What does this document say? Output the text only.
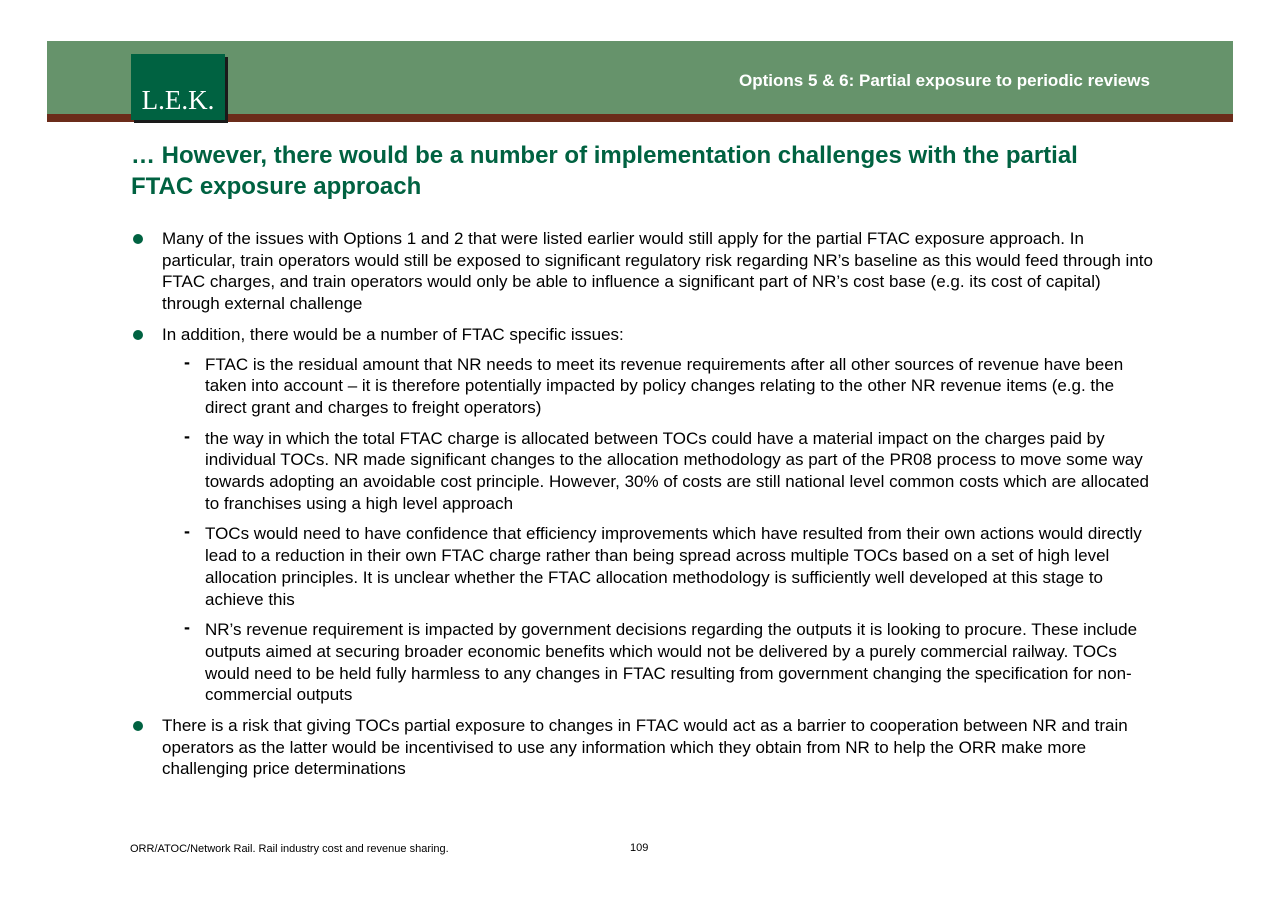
L.E.K.
Options 5 & 6: Partial exposure to periodic reviews
… However, there would be a number of implementation challenges with the partial FTAC exposure approach
Many of the issues with Options 1 and 2 that were listed earlier would still apply for the partial FTAC exposure approach. In particular, train operators would still be exposed to significant regulatory risk regarding NR’s baseline as this would feed through into FTAC charges, and train operators would only be able to influence a significant part of NR’s cost base (e.g. its cost of capital) through external challenge
In addition, there would be a number of FTAC specific issues:
- FTAC is the residual amount that NR needs to meet its revenue requirements after all other sources of revenue have been taken into account – it is therefore potentially impacted by policy changes relating to the other NR revenue items (e.g. the direct grant and charges to freight operators)
- the way in which the total FTAC charge is allocated between TOCs could have a material impact on the charges paid by individual TOCs. NR made significant changes to the allocation methodology as part of the PR08 process to move some way towards adopting an avoidable cost principle. However, 30% of costs are still national level common costs which are allocated to franchises using a high level approach
- TOCs would need to have confidence that efficiency improvements which have resulted from their own actions would directly lead to a reduction in their own FTAC charge rather than being spread across multiple TOCs based on a set of high level allocation principles. It is unclear whether the FTAC allocation methodology is sufficiently well developed at this stage to achieve this
- NR’s revenue requirement is impacted by government decisions regarding the outputs it is looking to procure. These include outputs aimed at securing broader economic benefits which would not be delivered by a purely commercial railway. TOCs would need to be held fully harmless to any changes in FTAC resulting from government changing the specification for non-commercial outputs
There is a risk that giving TOCs partial exposure to changes in FTAC would act as a barrier to cooperation between NR and train operators as the latter would be incentivised to use any information which they obtain from NR to help the ORR make more challenging price determinations
ORR/ATOC/Network Rail. Rail industry cost and revenue sharing.	109
